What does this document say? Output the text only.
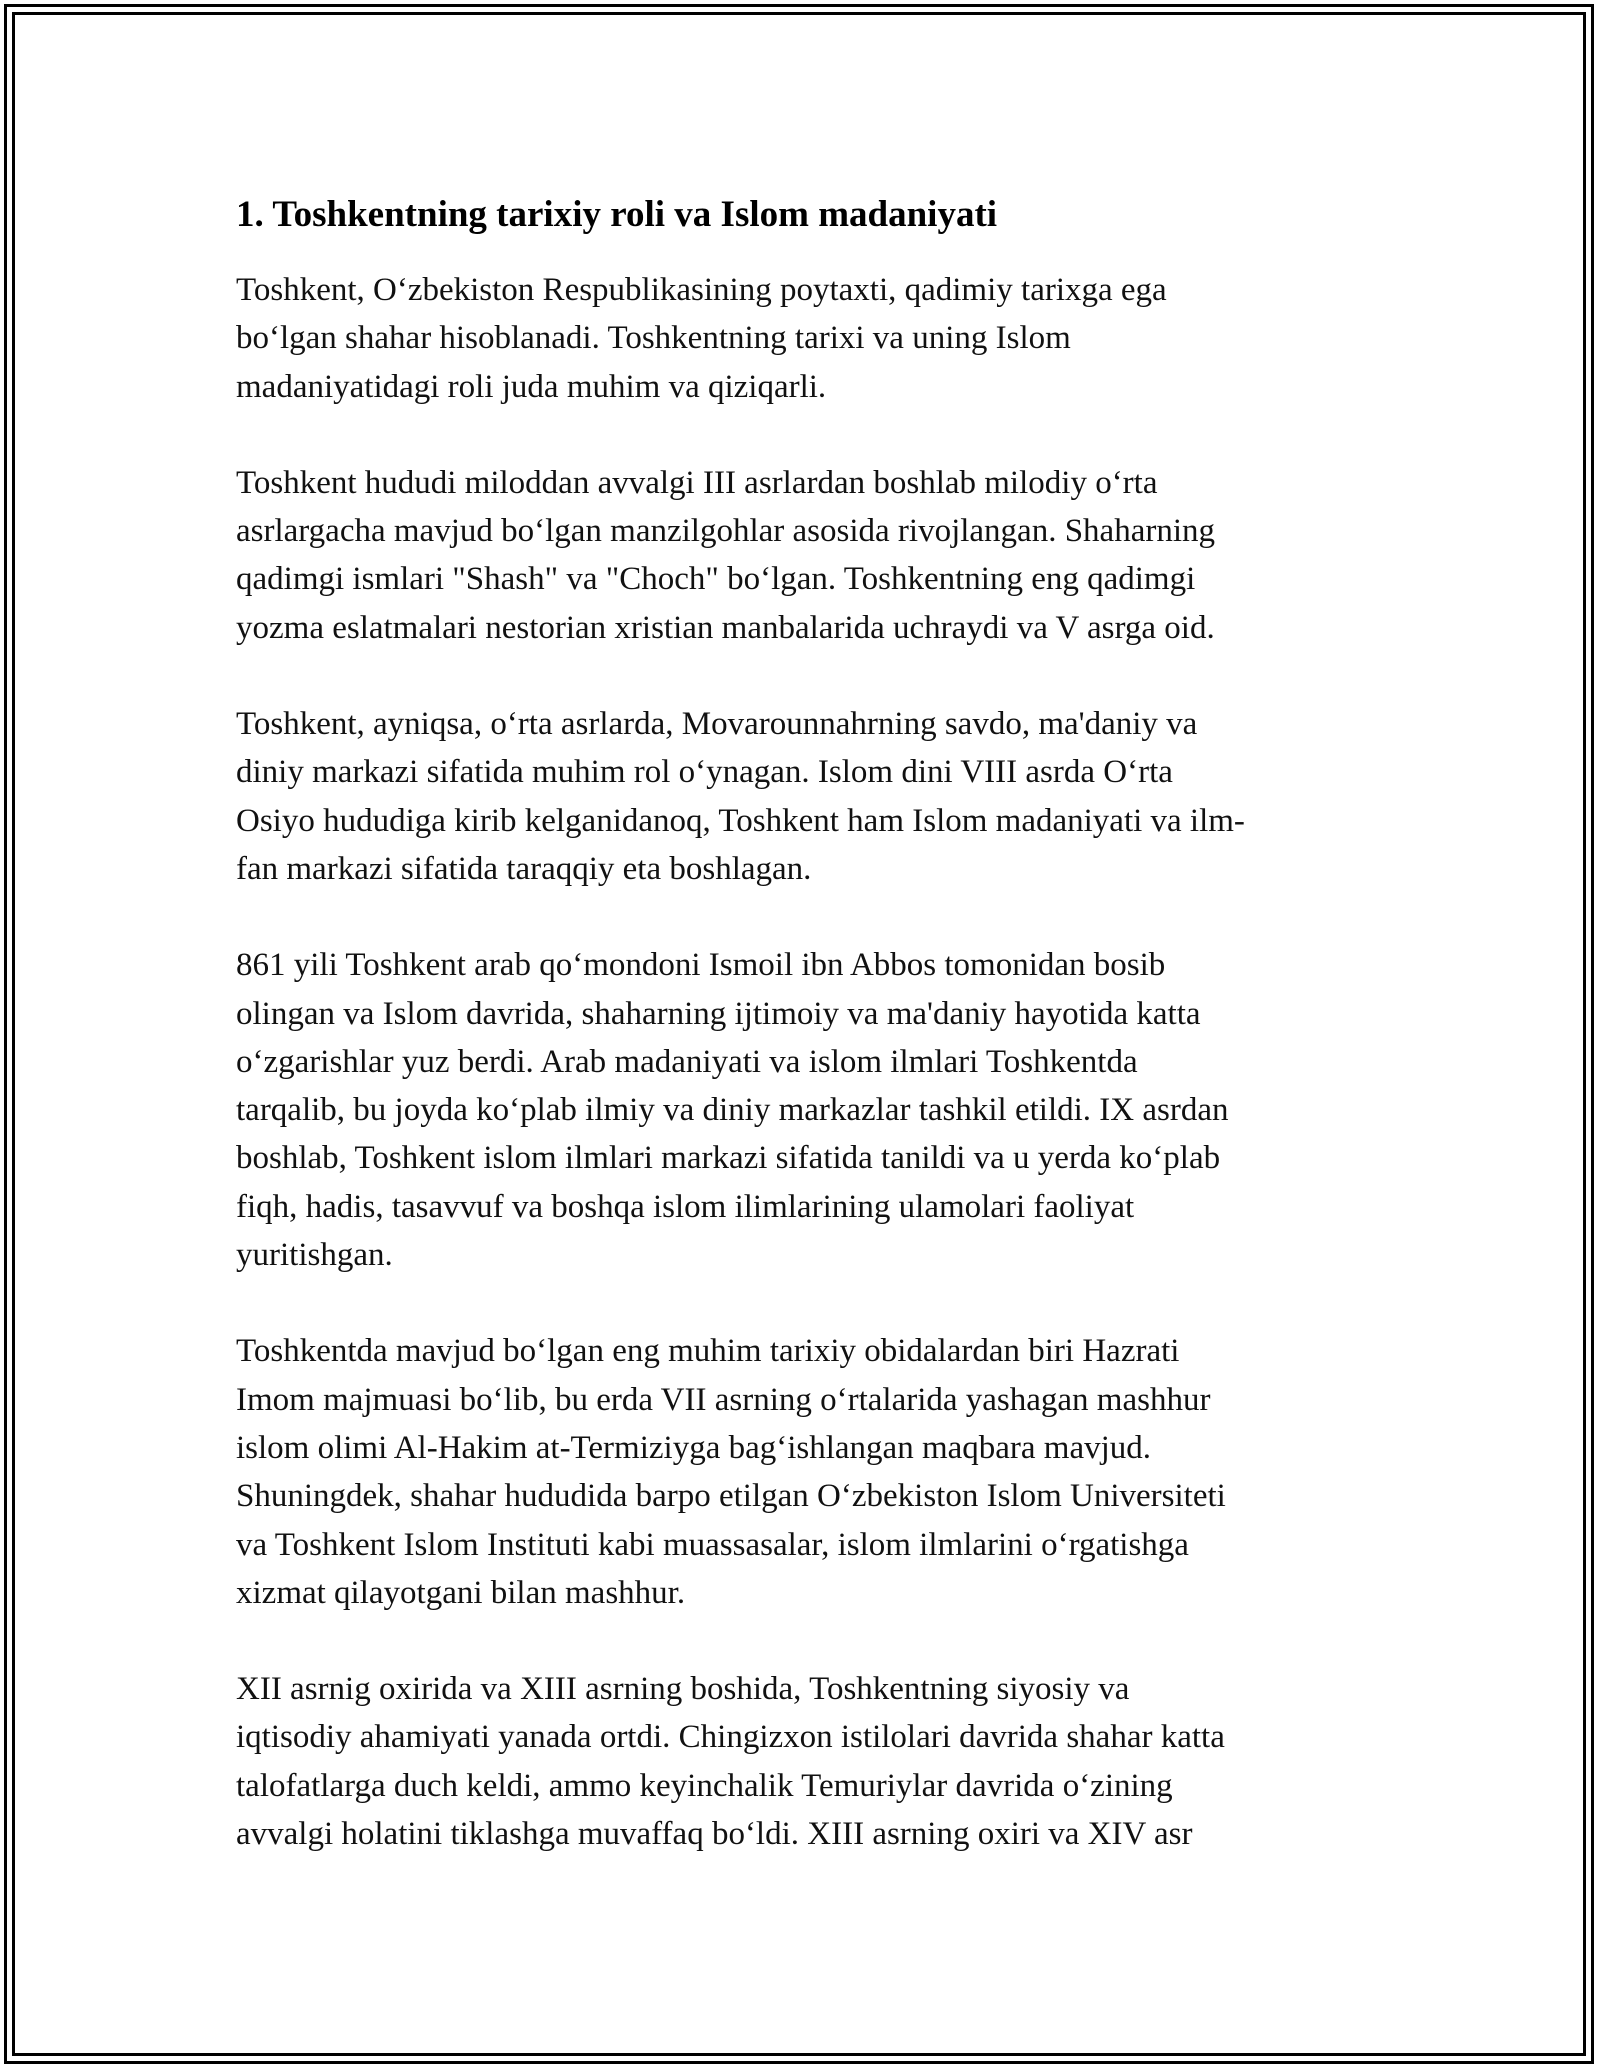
1. Toshkentning tarixiy roli va Islom madaniyati

Toshkent, O‘zbekiston Respublikasining poytaxti, qadimiy tarixga ega
bo‘lgan shahar hisoblanadi. Toshkentning tarixi va uning Islom
madaniyatidagi roli juda muhim va qiziqarli.

Toshkent hududi miloddan avvalgi III asrlardan boshlab milodiy o‘rta
asrlargacha mavjud bo‘lgan manzilgohlar asosida rivojlangan. Shaharning
qadimgi ismlari "Shash" va "Choch" bo‘lgan. Toshkentning eng qadimgi
yozma eslatmalari nestorian xristian manbalarida uchraydi va V asrga oid.

Toshkent, ayniqsa, o‘rta asrlarda, Movarounnahrning savdo, ma'daniy va
diniy markazi sifatida muhim rol o‘ynagan. Islom dini VIII asrda O‘rta
Osiyo hududiga kirib kelganidanoq, Toshkent ham Islom madaniyati va ilm-
fan markazi sifatida taraqqiy eta boshlagan.

861 yili Toshkent arab qo‘mondoni Ismoil ibn Abbos tomonidan bosib
olingan va Islom davrida, shaharning ijtimoiy va ma'daniy hayotida katta
o‘zgarishlar yuz berdi. Arab madaniyati va islom ilmlari Toshkentda
tarqalib, bu joyda ko‘plab ilmiy va diniy markazlar tashkil etildi. IX asrdan
boshlab, Toshkent islom ilmlari markazi sifatida tanildi va u yerda ko‘plab
fiqh, hadis, tasavvuf va boshqa islom ilimlarining ulamolari faoliyat
yuritishgan.

Toshkentda mavjud bo‘lgan eng muhim tarixiy obidalardan biri Hazrati
Imom majmuasi bo‘lib, bu erda VII asrning o‘rtalarida yashagan mashhur
islom olimi Al-Hakim at-Termiziyga bag‘ishlangan maqbara mavjud.
Shuningdek, shahar hududida barpo etilgan O‘zbekiston Islom Universiteti
va Toshkent Islom Instituti kabi muassasalar, islom ilmlarini o‘rgatishga
xizmat qilayotgani bilan mashhur.

XII asrnig oxirida va XIII asrning boshida, Toshkentning siyosiy va
iqtisodiy ahamiyati yanada ortdi. Chingizxon istilolari davrida shahar katta
talofatlarga duch keldi, ammo keyinchalik Temuriylar davrida o‘zining
avvalgi holatini tiklashga muvaffaq bo‘ldi. XIII asrning oxiri va XIV asr
